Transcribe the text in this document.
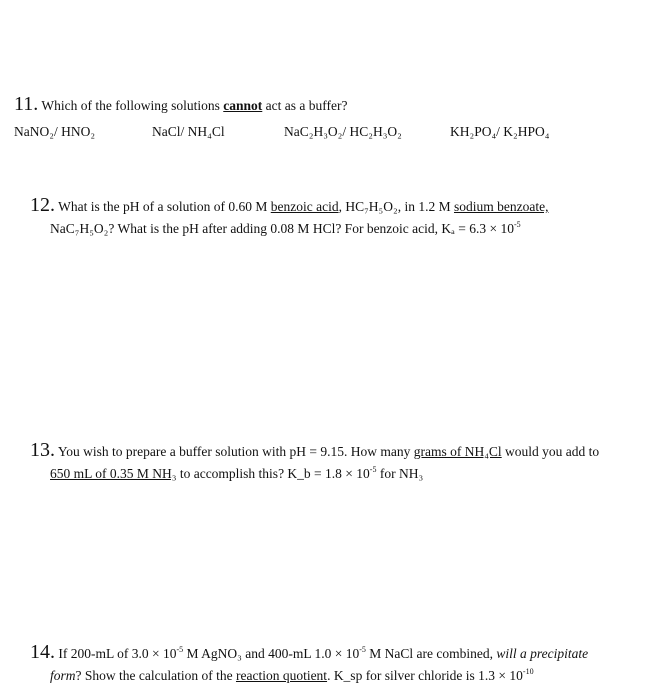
11. Which of the following solutions cannot act as a buffer?
NaNO₂/ HNO₂	NaCl/ NH₄Cl	NaC₂H₃O₂/ HC₂H₃O₂	KH₂PO₄/ K₂HPO₄
12. What is the pH of a solution of 0.60 M benzoic acid, HC₇H₅O₂, in 1.2 M sodium benzoate,
NaC₇H₅O₂? What is the pH after adding 0.08 M HCl? For benzoic acid, $K_a = 6.3 \times 10^{-5}$
13. You wish to prepare a buffer solution with pH = 9.15. How many grams of NH₄Cl would you add to
650 mL of 0.35 M NH₃ to accomplish this? K_b = $1.8 \times 10^{-5}$ for NH₃
14. If 200-mL of $3.0 \times 10^{-5}$ M AgNO₃ and 400-mL $1.0 \times 10^{-5}$ M NaCl are combined, will a precipitate
form? Show the calculation of the reaction quotient. K_sp for silver chloride is $1.3 \times 10^{-10}$
